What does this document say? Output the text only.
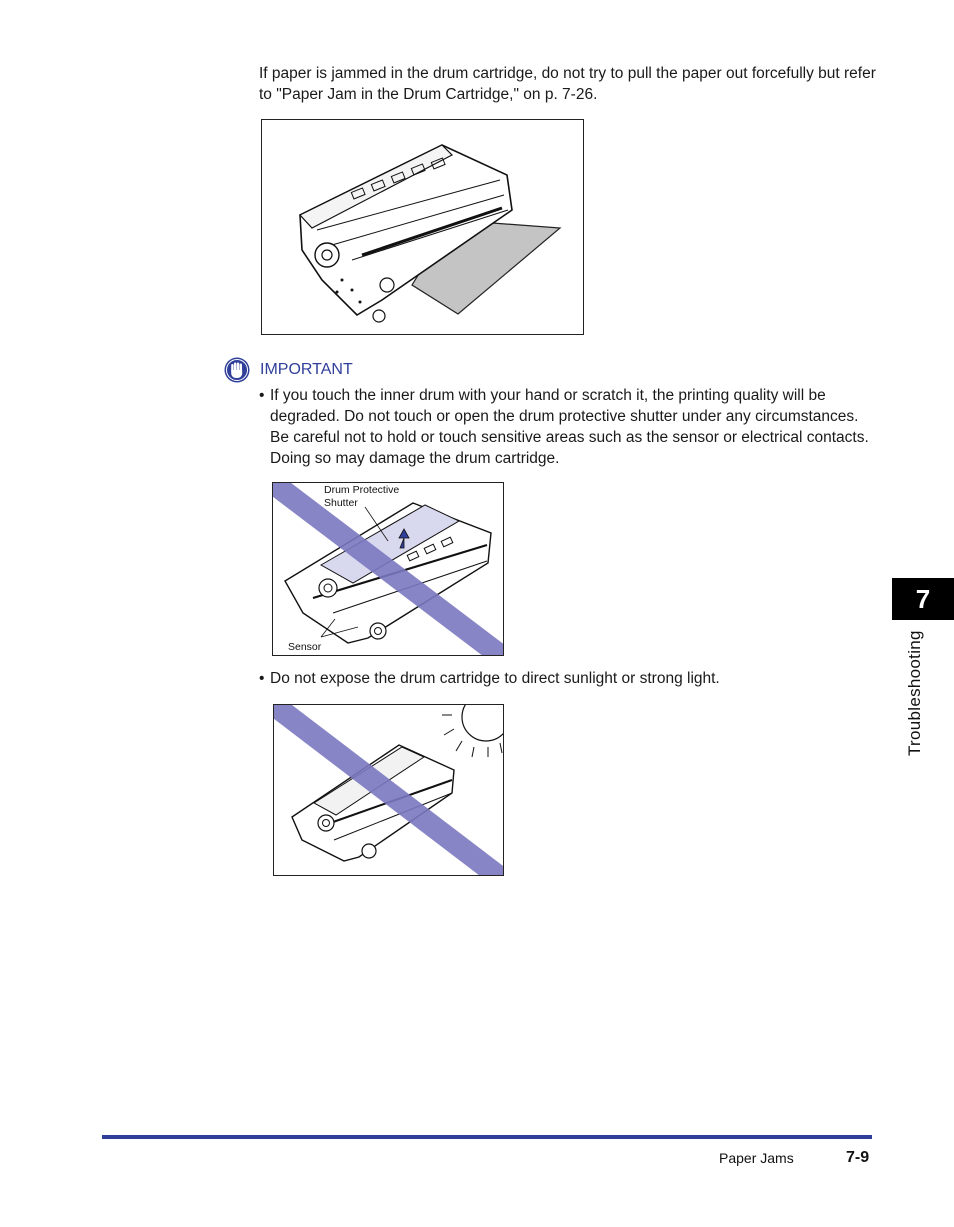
If paper is jammed in the drum cartridge, do not try to pull the paper out forcefully but refer to "Paper Jam in the Drum Cartridge," on p. 7-26.
IMPORTANT
• If you touch the inner drum with your hand or scratch it, the printing quality will be degraded. Do not touch or open the drum protective shutter under any circumstances. Be careful not to hold or touch sensitive areas such as the sensor or electrical contacts. Doing so may damage the drum cartridge.
Drum Protective
Shutter
Sensor
• Do not expose the drum cartridge to direct sunlight or strong light.
7
Troubleshooting
Paper Jams	7-9
